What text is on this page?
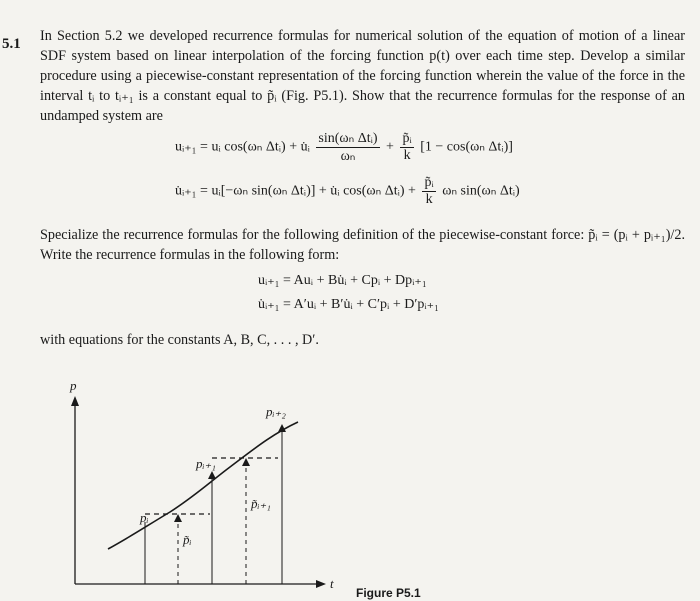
5.1 In Section 5.2 we developed recurrence formulas for numerical solution of the equation of motion of a linear SDF system based on linear interpolation of the forcing function p(t) over each time step. Develop a similar procedure using a piecewise-constant representation of the forcing function wherein the value of the force in the interval tᵢ to tᵢ₊₁ is a constant equal to p̃ᵢ (Fig. P5.1). Show that the recurrence formulas for the response of an undamped system are
uᵢ₊₁ = uᵢ cos(ωₙ Δtᵢ) + u̇ᵢ $\frac{\text{sin(ωₙ Δtᵢ)}}{\text{ωₙ}} + \frac{\text{p̃ᵢ}}{k} [1 - \cos(\omega_n$ Δtᵢ)]
u̇ᵢ₊₁ = uᵢ[−ωₙ sin(ωₙ Δtᵢ)] + u̇ᵢ cos(ωₙ Δtᵢ) + $\frac{\text{p̃ᵢ}}{k}$ ωₙ sin(ωₙ Δtᵢ)
Specialize the recurrence formulas for the following definition of the piecewise-constant force: p̃ᵢ = (pᵢ + pᵢ₊₁)/2. Write the recurrence formulas in the following form:
uᵢ₊₁ = Auᵢ + Bu̇ᵢ + Cpᵢ + Dpᵢ₊₁
u̇ᵢ₊₁ = A′uᵢ + B′u̇ᵢ + C′pᵢ + D′pᵢ₊₁
with equations for the constants A, B, C, . . . , D′.
p
t
pᵢ
pᵢ₊₁
pᵢ₊₂
p̃ᵢ
p̃ᵢ₊₁
Figure P5.1
